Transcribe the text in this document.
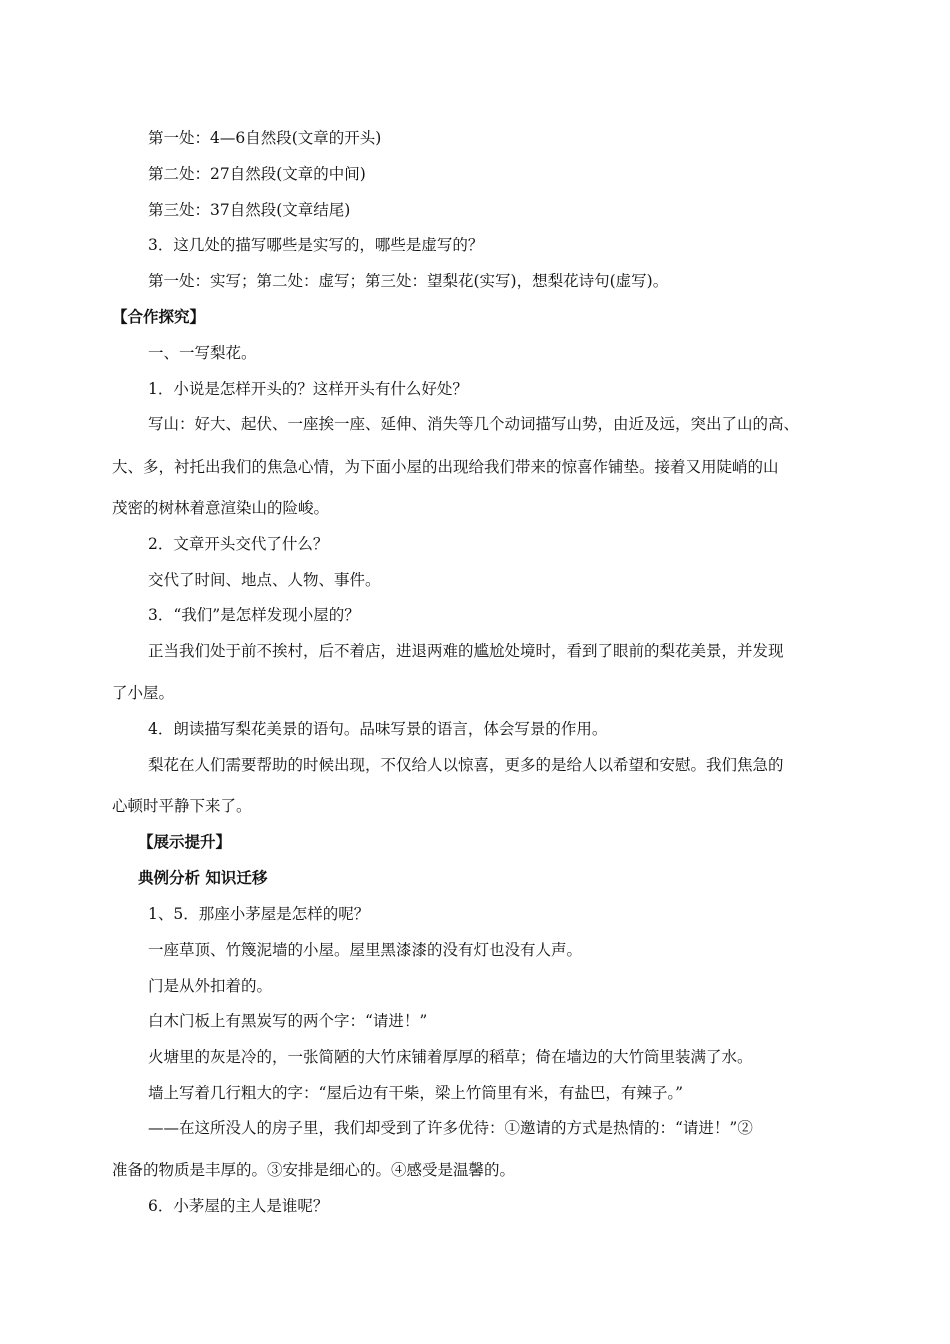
第一处：4—6自然段(文章的开头)

第二处：27自然段(文章的中间)

第三处：37自然段(文章结尾)

3．这几处的描写哪些是实写的，哪些是虚写的？

第一处：实写；第二处：虚写；第三处：望梨花(实写)，想梨花诗句(虚写)。

【合作探究】

一、一写梨花。

1．小说是怎样开头的？这样开头有什么好处？

写山：好大、起伏、一座挨一座、延伸、消失等几个动词描写山势，由近及远，突出了山的高、

大、多，衬托出我们的焦急心情，为下面小屋的出现给我们带来的惊喜作铺垫。接着又用陡峭的山

茂密的树林着意渲染山的险峻。

2．文章开头交代了什么？

交代了时间、地点、人物、事件。

3．“我们”是怎样发现小屋的？

正当我们处于前不挨村，后不着店，进退两难的尴尬处境时，看到了眼前的梨花美景，并发现

了小屋。

4．朗读描写梨花美景的语句。品味写景的语言，体会写景的作用。

梨花在人们需要帮助的时候出现，不仅给人以惊喜，更多的是给人以希望和安慰。我们焦急的

心顿时平静下来了。

【展示提升】

典例分析 知识迁移

1、5．那座小茅屋是怎样的呢？

一座草顶、竹篾泥墙的小屋。屋里黑漆漆的没有灯也没有人声。

门是从外扣着的。

白木门板上有黑炭写的两个字：“请进！”

火塘里的灰是冷的，一张简陋的大竹床铺着厚厚的稻草；倚在墙边的大竹筒里装满了水。

墙上写着几行粗大的字：“屋后边有干柴，梁上竹筒里有米，有盐巴，有辣子。”

——在这所没人的房子里，我们却受到了许多优待：①邀请的方式是热情的：“请进！”②

准备的物质是丰厚的。③安排是细心的。④感受是温馨的。

6．小茅屋的主人是谁呢？
